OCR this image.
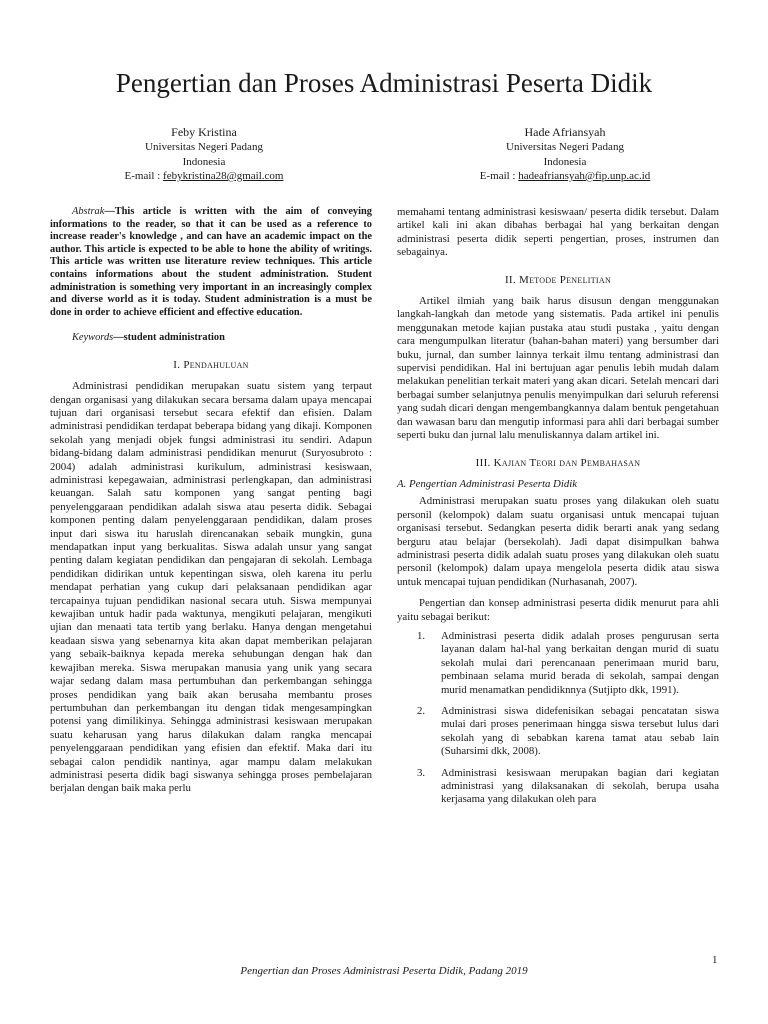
Pengertian dan Proses Administrasi Peserta Didik
Feby Kristina
Universitas Negeri Padang
Indonesia
E-mail : febykristina28@gmail.com
Hade Afriansyah
Universitas Negeri Padang
Indonesia
E-mail : hadeafriansyah@fip.unp.ac.id

Abstrak—This article is written with the aim of conveying informations to the reader, so that it can be used as a reference to increase reader's knowledge , and can have an academic impact on the author. This article is expected to be able to hone the ability of writings. This article was written use literature review techniques. This article contains informations about the student administration. Student administration is something very important in an increasingly complex and diverse world as it is today. Student administration is a must be done in order to achieve efficient and effective education.

Keywords—student administration

I. Pendahuluan

Administrasi pendidikan merupakan suatu sistem yang terpaut dengan organisasi yang dilakukan secara bersama dalam upaya mencapai tujuan dari organisasi tersebut secara efektif dan efisien. Dalam administrasi pendidikan terdapat beberapa bidang yang dikaji. Komponen sekolah yang menjadi objek fungsi administrasi itu sendiri. Adapun bidang-bidang dalam administrasi pendidikan menurut (Suryosubroto : 2004) adalah administrasi kurikulum, administrasi kesiswaan, administrasi kepegawaian, administrasi perlengkapan, dan administrasi keuangan. Salah satu komponen yang sangat penting bagi penyelenggaraan pendidikan adalah siswa atau peserta didik. Sebagai komponen penting dalam penyelenggaraan pendidikan, dalam proses input dari siswa itu haruslah direncanakan sebaik mungkin, guna mendapatkan input yang berkualitas. Siswa adalah unsur yang sangat penting dalam kegiatan pendidikan dan pengajaran di sekolah. Lembaga pendidikan didirikan untuk kepentingan siswa, oleh karena itu perlu mendapat perhatian yang cukup dari pelaksanaan pendidikan agar tercapainya tujuan pendidikan nasional secara utuh. Siswa mempunyai kewajiban untuk hadir pada waktunya, mengikuti pelajaran, mengikuti ujian dan menaati tata tertib yang berlaku. Hanya dengan mengetahui keadaan siswa yang sebenarnya kita akan dapat memberikan pelajaran yang sebaik-baiknya kepada mereka sehubungan dengan hak dan kewajiban mereka. Siswa merupakan manusia yang unik yang secara wajar sedang dalam masa pertumbuhan dan perkembangan sehingga proses pendidikan yang baik akan berusaha membantu proses pertumbuhan dan perkembangan itu dengan tidak mengesampingkan potensi yang dimilikinya. Sehingga administrasi kesiswaan merupakan suatu keharusan yang harus dilakukan dalam rangka mencapai penyelenggaraan pendidikan yang efisien dan efektif. Maka dari itu sebagai calon pendidik nantinya, agar mampu dalam melakukan administrasi peserta didik bagi siswanya sehingga proses pembelajaran berjalan dengan baik maka perlu

memahami tentang administrasi kesiswaan/ peserta didik tersebut. Dalam artikel kali ini akan dibahas berbagai hal yang berkaitan dengan administrasi peserta didik seperti pengertian, proses, instrumen dan sebagainya.

II. Metode Penelitian

Artikel ilmiah yang baik harus disusun dengan menggunakan langkah-langkah dan metode yang sistematis. Pada artikel ini penulis menggunakan metode kajian pustaka atau studi pustaka , yaitu dengan cara mengumpulkan literatur (bahan-bahan materi) yang bersumber dari buku, jurnal, dan sumber lainnya terkait ilmu tentang administrasi dan supervisi pendidikan. Hal ini bertujuan agar penulis lebih mudah dalam melakukan penelitian terkait materi yang akan dicari. Setelah mencari dari berbagai sumber selanjutnya penulis menyimpulkan dari seluruh referensi yang sudah dicari dengan mengembangkannya dalam bentuk pengetahuan dan wawasan baru dan mengutip informasi para ahli dari berbagai sumber seperti buku dan jurnal lalu menuliskannya dalam artikel ini.

III. Kajian Teori dan Pembahasan

A. Pengertian Administrasi Peserta Didik

Administrasi merupakan suatu proses yang dilakukan oleh suatu personil (kelompok) dalam suatu organisasi untuk mencapai tujuan organisasi tersebut. Sedangkan peserta didik berarti anak yang sedang berguru atau belajar (bersekolah). Jadi dapat disimpulkan bahwa administrasi peserta didik adalah suatu proses yang dilakukan oleh suatu personil (kelompok) dalam upaya mengelola peserta didik atau siswa untuk mencapai tujuan pendidikan (Nurhasanah, 2007).

Pengertian dan konsep administrasi peserta didik menurut para ahli yaitu sebagai berikut:

1. Administrasi peserta didik adalah proses pengurusan serta layanan dalam hal-hal yang berkaitan dengan murid di suatu sekolah mulai dari perencanaan penerimaan murid baru, pembinaan selama murid berada di sekolah, sampai dengan murid menamatkan pendidiknnya (Sutjipto dkk, 1991).
2. Administrasi siswa didefenisikan sebagai pencatatan siswa mulai dari proses penerimaan hingga siswa tersebut lulus dari sekolah yang di sebabkan karena tamat atau sebab lain (Suharsimi dkk, 2008).
3. Administrasi kesiswaan merupakan bagian dari kegiatan administrasi yang dilaksanakan di sekolah, berupa usaha kerjasama yang dilakukan oleh para
1
Pengertian dan Proses Administrasi Peserta Didik, Padang 2019
